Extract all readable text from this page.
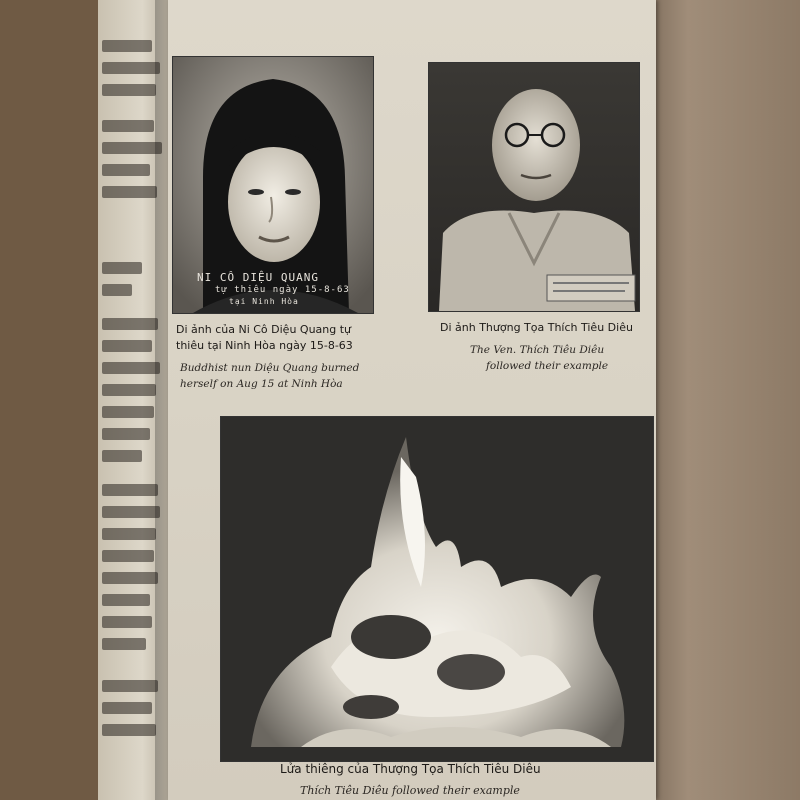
NI CÔ DIỆU QUANG
tự thiêu ngày 15-8-63
tại Ninh Hòa
Di ảnh của Ni Cô Diệu Quang tự
thiêu tại Ninh Hòa ngày 15-8-63
Buddhist nun Diệu Quang burned
herself on Aug 15 at Ninh Hòa
Di ảnh Thượng Tọa Thích Tiêu Diêu
The Ven. Thích Tiêu Diêu
followed their example
Lửa thiêng của Thượng Tọa Thích Tiêu Diêu
Thích Tiêu Diêu followed their example
